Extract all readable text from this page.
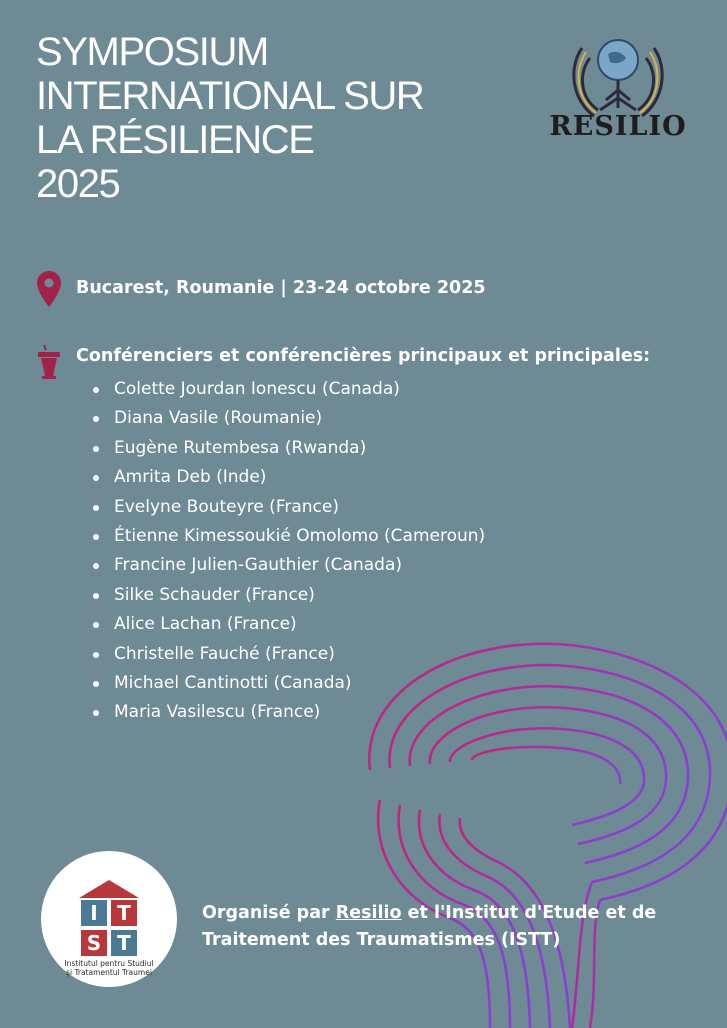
SYMPOSIUM
INTERNATIONAL SUR
LA RÉSILIENCE
2025
RESILIO
Bucarest, Roumanie | 23-24 octobre 2025
Conférenciers et conférencières principaux et principales:
Colette Jourdan Ionescu (Canada)
Diana Vasile (Roumanie)
Eugène Rutembesa (Rwanda)
Amrita Deb (Inde)
Evelyne Bouteyre (France)
Étienne Kimessoukié Omolomo (Cameroun)
Francine Julien-Gauthier (Canada)
Silke Schauder (France)
Alice Lachan (France)
Christelle Fauché (France)
Michael Cantinotti (Canada)
Maria Vasilescu (France)
I T
S T
Institutul pentru Studiul
și Tratamentul Traumei

Organisé par Resilio et l'Institut d'Etude et de Traitement des Traumatismes (ISTT)
